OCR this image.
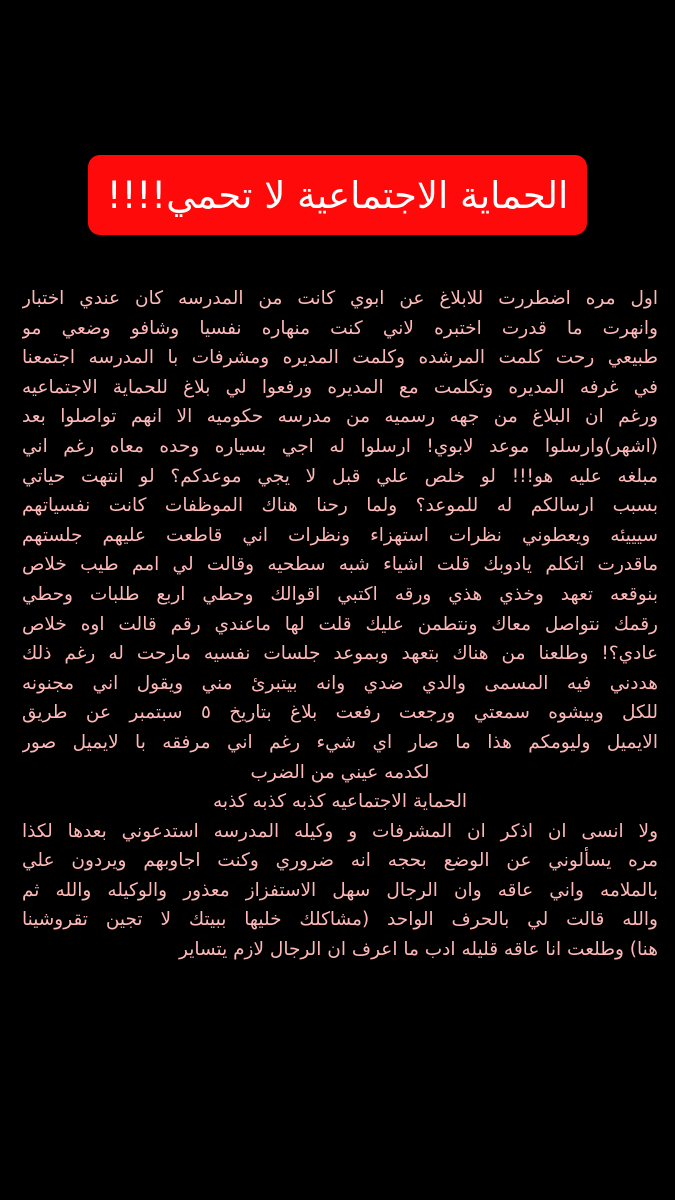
الحماية الاجتماعية لا تحمي!!!!
اول مره اضطررت للابلاغ عن ابوي كانت من المدرسه كان عندي اختبار
وانهرت ما قدرت اختبره لاني كنت منهاره نفسيا وشافو وضعي مو
طبيعي رحت كلمت المرشده وكلمت المديره ومشرفات با المدرسه اجتمعنا
في غرفه المديره وتكلمت مع المديره ورفعوا لي بلاغ للحماية الاجتماعيه
ورغم ان البلاغ من جهه رسميه من مدرسه حكوميه الا انهم تواصلوا بعد
(اشهر)وارسلوا موعد لابوي! ارسلوا له اجي بسياره وحده معاه رغم اني
مبلغه عليه هو!!! لو خلص علي قبل لا يجي موعدكم؟ لو انتهت حياتي
بسبب ارسالكم له للموعد؟ ولما رحنا هناك الموظفات كانت نفسياتهم
سيييئه ويعطوني نظرات استهزاء ونظرات اني قاطعت عليهم جلستهم
ماقدرت اتكلم يادوبك قلت اشياء شبه سطحيه وقالت لي امم طيب خلاص
بنوقعه تعهد وخذي هذي ورقه اكتبي اقوالك وحطي اربع طلبات وحطي
رقمك نتواصل معاك ونتطمن عليك قلت لها ماعندي رقم قالت اوه خلاص
عادي؟! وطلعنا من هناك بتعهد وبموعد جلسات نفسيه مارحت له رغم ذلك
هددني فيه المسمى والدي ضدي وانه بيتبرئ مني ويقول اني مجنونه
للكل وبيشوه سمعتي ورجعت رفعت بلاغ بتاريخ ٥ سبتمبر عن طريق
الايميل وليومكم هذا ما صار اي شيء رغم اني مرفقه با لايميل صور
لكدمه عيني من الضرب
الحماية الاجتماعيه كذبه كذبه كذبه
ولا انسى ان اذكر ان المشرفات و وكيله المدرسه استدعوني بعدها لكذا
مره يسألوني عن الوضع بحجه انه ضروري وكنت اجاوبهم ويردون علي
بالملامه واني عاقه وان الرجال سهل الاستفزاز معذور والوكيله والله ثم
والله قالت لي بالحرف الواحد (مشاكلك خليها ببيتك لا تجين تقروشينا
هنا) وطلعت انا عاقه قليله ادب ما اعرف ان الرجال لازم يتساير
